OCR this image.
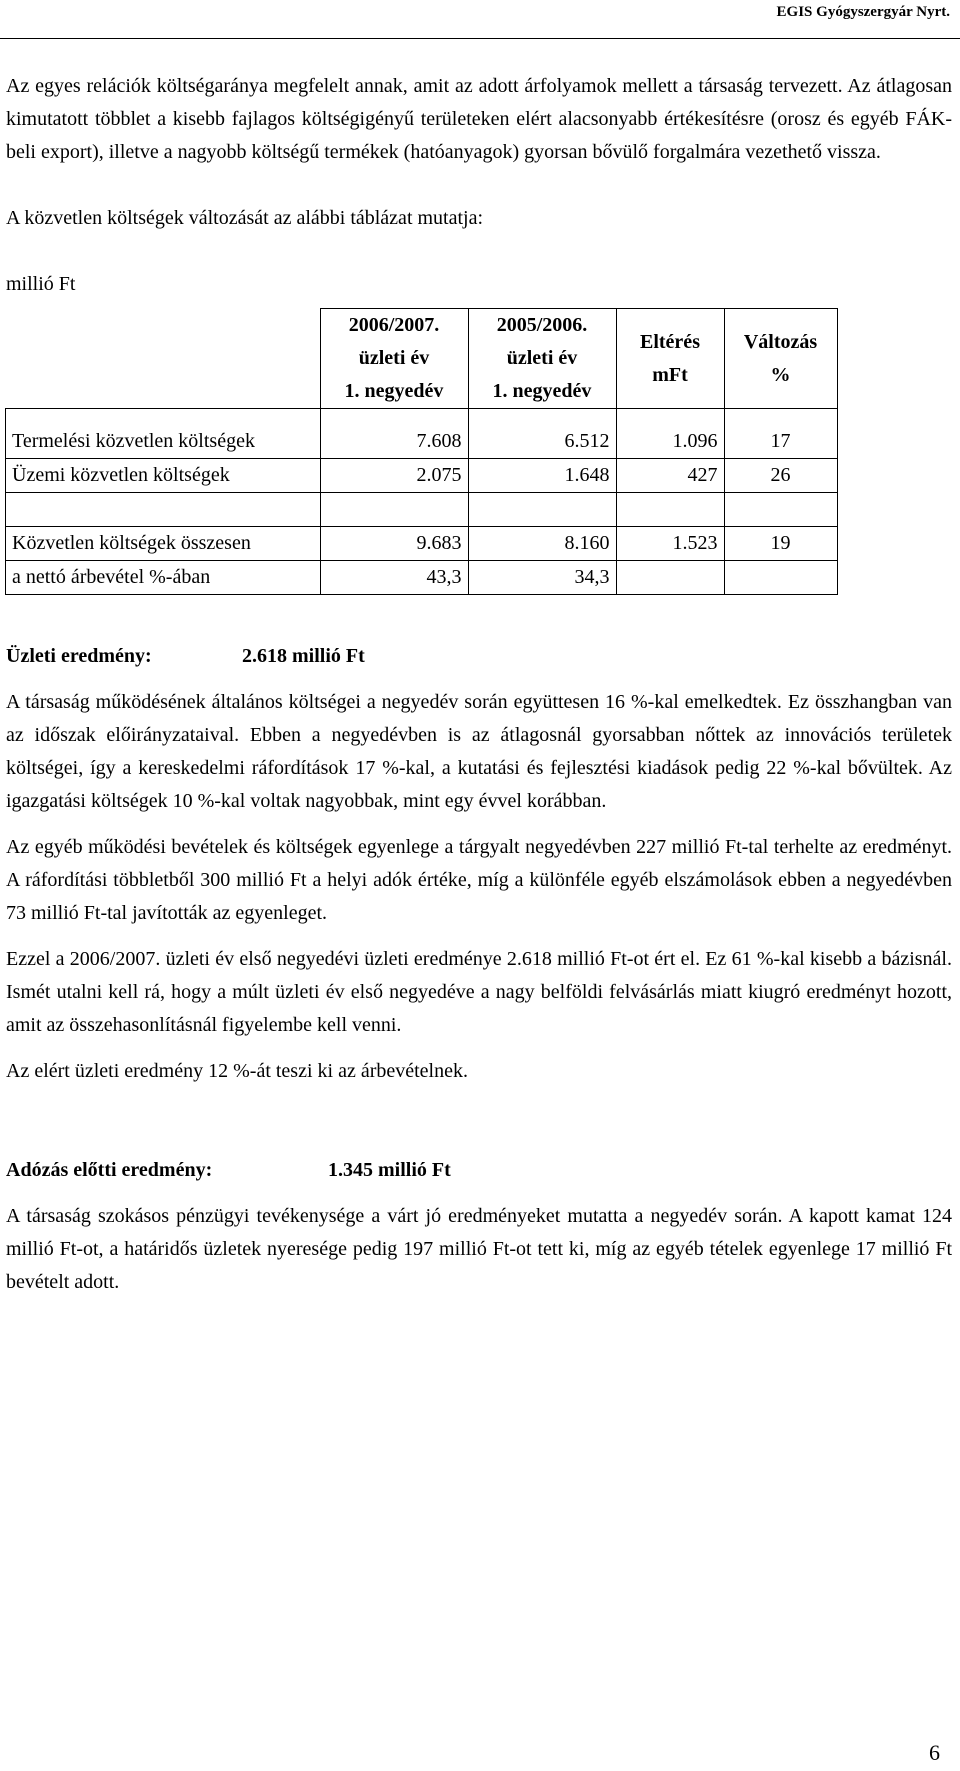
EGIS Gyógyszergyár Nyrt.

Az egyes relációk költségaránya megfelelt annak, amit az adott árfolyamok mellett a társaság tervezett. Az átlagosan kimutatott többlet a kisebb fajlagos költségigényű területeken elért alacsonyabb értékesítésre (orosz és egyéb FÁK-beli export), illetve a nagyobb költségű termékek (hatóanyagok) gyorsan bővülő forgalmára vezethető vissza.

A közvetlen költségek változását az alábbi táblázat mutatja:

millió Ft

	2006/2007.
üzleti év
1. negyedév	2005/2006.
üzleti év
1. negyedév	Eltérés
mFt	Változás
%
Termelési közvetlen költségek	7.608	6.512	1.096	17
Üzemi közvetlen költségek	2.075	1.648	427	26

Közvetlen költségek összesen	9.683	8.160	1.523	19
a nettó árbevétel %-ában	43,3	34,3		

Üzleti eredmény:	2.618 millió Ft

A társaság működésének általános költségei a negyedév során együttesen 16 %-kal emelkedtek. Ez összhangban van az időszak előirányzataival. Ebben a negyedévben is az átlagosnál gyorsabban nőttek az innovációs területek költségei, így a kereskedelmi ráfordítások 17 %-kal, a kutatási és fejlesztési kiadások pedig 22 %-kal bővültek. Az igazgatási költségek 10 %-kal voltak nagyobbak, mint egy évvel korábban.

Az egyéb működési bevételek és költségek egyenlege a tárgyalt negyedévben 227 millió Ft-tal terhelte az eredményt. A ráfordítási többletből 300 millió Ft a helyi adók értéke, míg a különféle egyéb elszámolások ebben a negyedévben 73 millió Ft-tal javították az egyenleget.

Ezzel a 2006/2007. üzleti év első negyedévi üzleti eredménye 2.618 millió Ft-ot ért el. Ez 61 %-kal kisebb a bázisnál. Ismét utalni kell rá, hogy a múlt üzleti év első negyedéve a nagy belföldi felvásárlás miatt kiugró eredményt hozott, amit az összehasonlításnál figyelembe kell venni.

Az elért üzleti eredmény 12 %-át teszi ki az árbevételnek.

Adózás előtti eredmény:	1.345 millió Ft

A társaság szokásos pénzügyi tevékenysége a várt jó eredményeket mutatta a negyedév során. A kapott kamat 124 millió Ft-ot, a határidős üzletek nyeresége pedig 197 millió Ft-ot tett ki, míg az egyéb tételek egyenlege 17 millió Ft bevételt adott.

6
